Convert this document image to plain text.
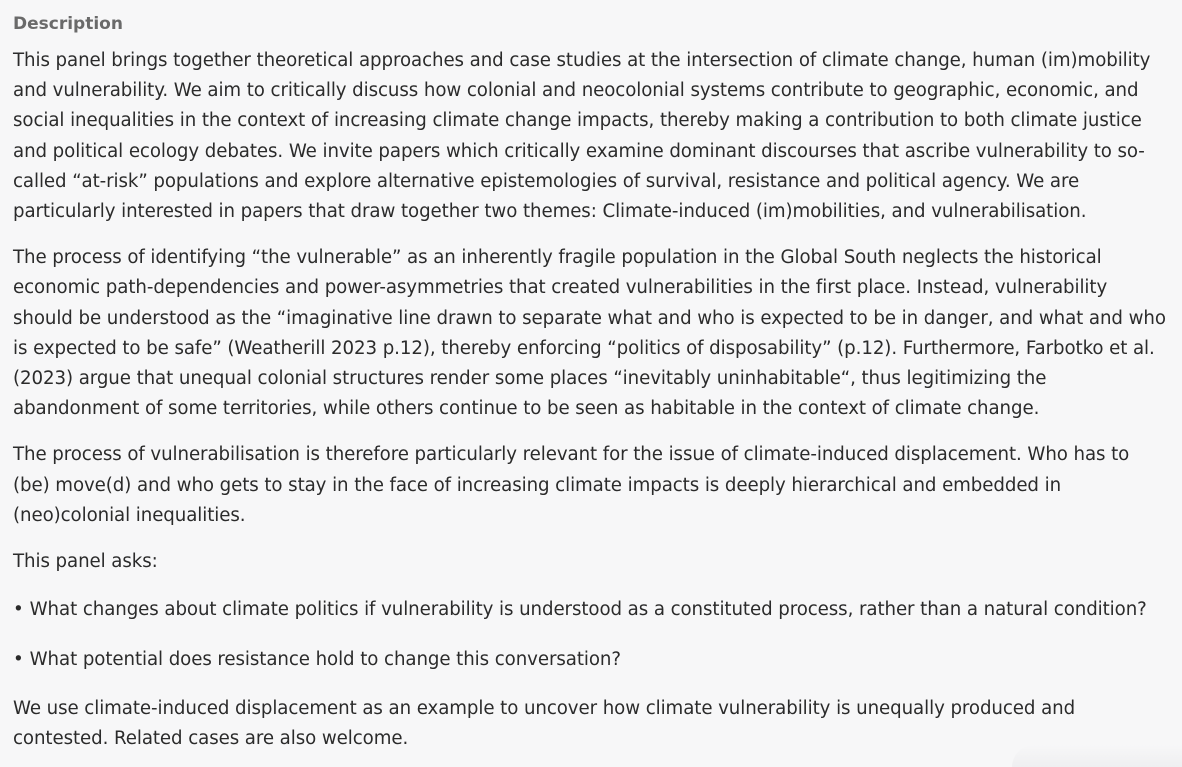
Description

This panel brings together theoretical approaches and case studies at the intersection of climate change, human (im)mobility and vulnerability. We aim to critically discuss how colonial and neocolonial systems contribute to geographic, economic, and social inequalities in the context of increasing climate change impacts, thereby making a contribution to both climate justice and political ecology debates. We invite papers which critically examine dominant discourses that ascribe vulnerability to so-called “at-risk” populations and explore alternative epistemologies of survival, resistance and political agency. We are particularly interested in papers that draw together two themes: Climate-induced (im)mobilities, and vulnerabilisation.

The process of identifying “the vulnerable” as an inherently fragile population in the Global South neglects the historical economic path-dependencies and power-asymmetries that created vulnerabilities in the first place. Instead, vulnerability should be understood as the “imaginative line drawn to separate what and who is expected to be in danger, and what and who is expected to be safe” (Weatherill 2023 p.12), thereby enforcing “politics of disposability” (p.12). Furthermore, Farbotko et al. (2023) argue that unequal colonial structures render some places “inevitably uninhabitable“, thus legitimizing the abandonment of some territories, while others continue to be seen as habitable in the context of climate change.

The process of vulnerabilisation is therefore particularly relevant for the issue of climate-induced displacement. Who has to (be) move(d) and who gets to stay in the face of increasing climate impacts is deeply hierarchical and embedded in (neo)colonial inequalities.

This panel asks:

• What changes about climate politics if vulnerability is understood as a constituted process, rather than a natural condition?
• What potential does resistance hold to change this conversation?

We use climate-induced displacement as an example to uncover how climate vulnerability is unequally produced and contested. Related cases are also welcome.
